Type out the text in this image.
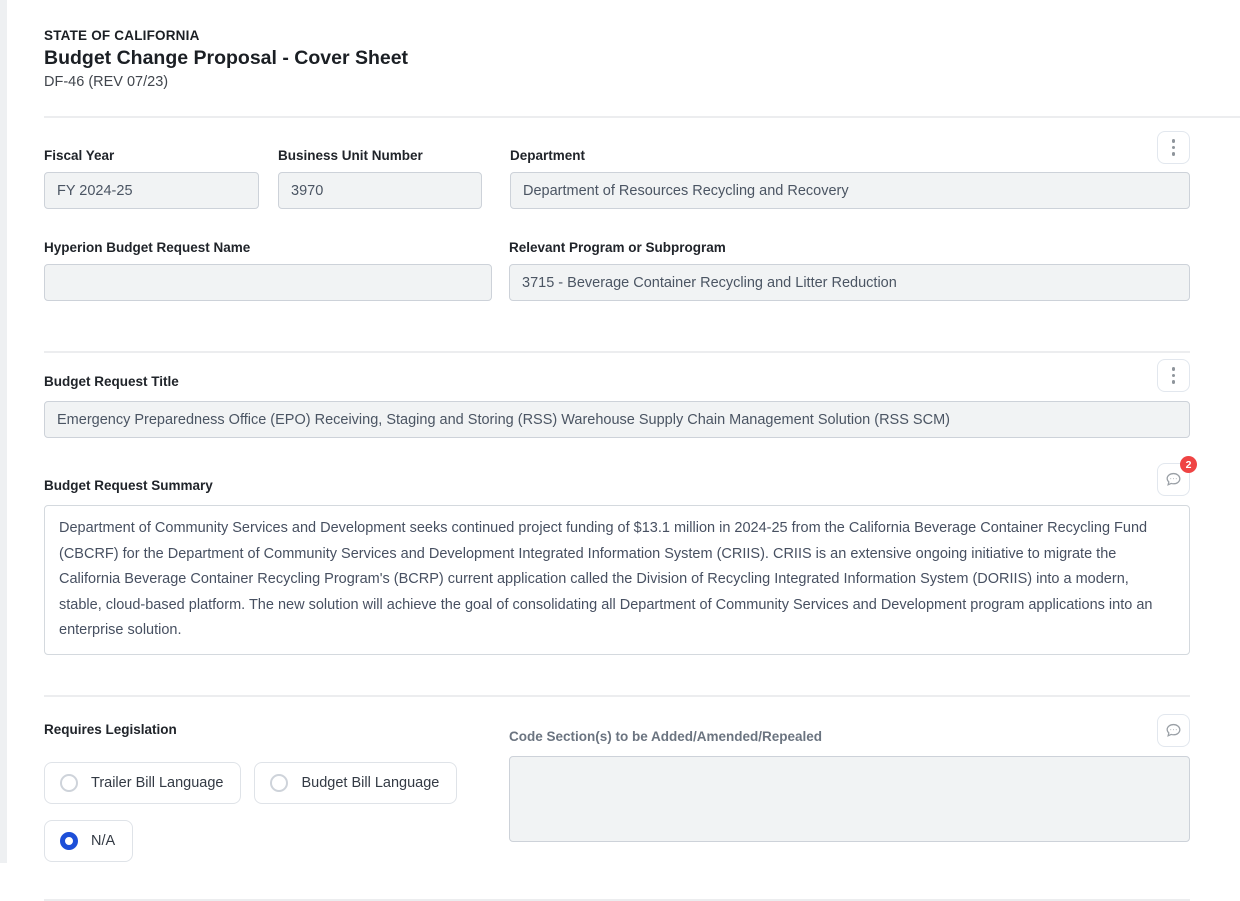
STATE OF CALIFORNIA
Budget Change Proposal - Cover Sheet
DF-46 (REV 07/23)
Fiscal Year
FY 2024-25
Business Unit Number
3970
Department
Department of Resources Recycling and Recovery
Hyperion Budget Request Name	Relevant Program or Subprogram
3715 - Beverage Container Recycling and Litter Reduction
Budget Request Title
Emergency Preparedness Office (EPO) Receiving, Staging and Storing (RSS) Warehouse Supply Chain Management Solution (RSS SCM)
Budget Request Summary
2
Department of Community Services and Development seeks continued project funding of $13.1 million in 2024-25 from the California Beverage Container Recycling Fund (CBCRF) for the Department of Community Services and Development Integrated Information System (CRIIS). CRIIS is an extensive ongoing initiative to migrate the California Beverage Container Recycling Program's (BCRP) current application called the Division of Recycling Integrated Information System (DORIIS) into a modern, stable, cloud-based platform. The new solution will achieve the goal of consolidating all Department of Community Services and Development program applications into an enterprise solution.
Requires Legislation
Trailer Bill Language	Budget Bill Language
N/A
Code Section(s) to be Added/Amended/Repealed
